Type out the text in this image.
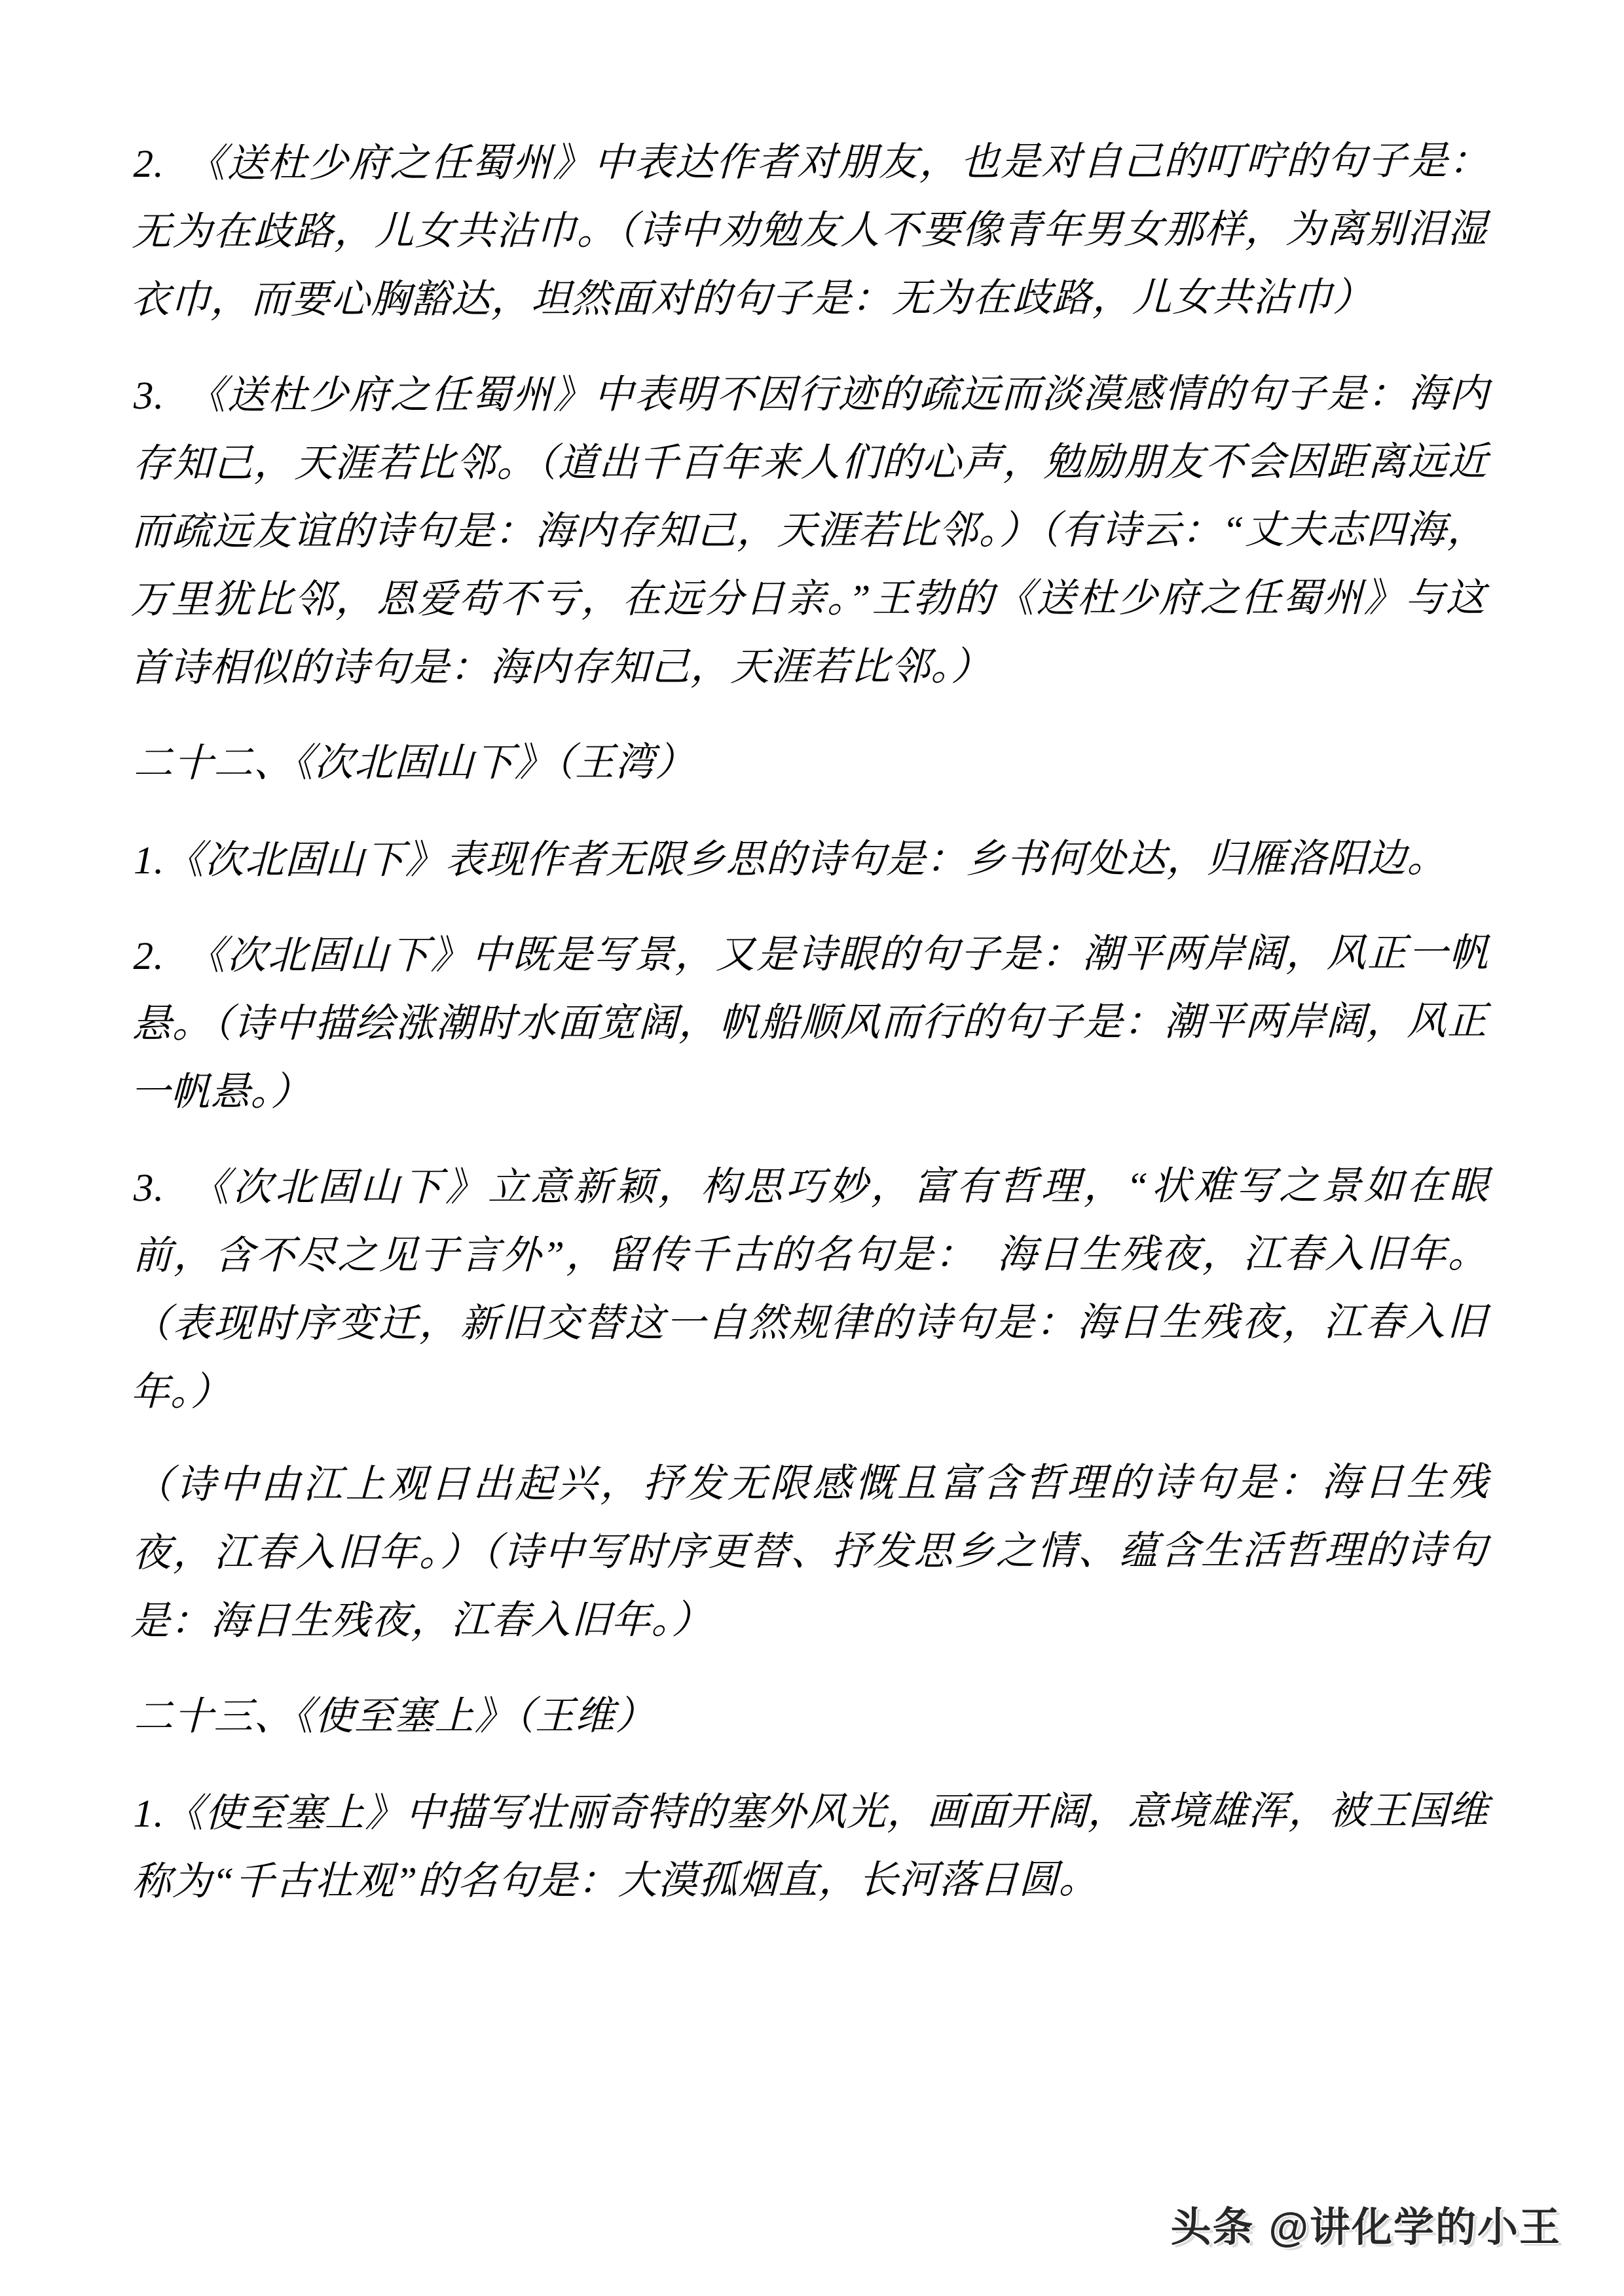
2.　《送杜少府之任蜀州》中表达作者对朋友，也是对自己的叮咛的句子是：无为在歧路，儿女共沾巾。（诗中劝勉友人不要像青年男女那样，为离别泪湿衣巾，而要心胸豁达，坦然面对的句子是：无为在歧路，儿女共沾巾）

3.　《送杜少府之任蜀州》中表明不因行迹的疏远而淡漠感情的句子是：海内存知己，天涯若比邻。（道出千百年来人们的心声，勉励朋友不会因距离远近而疏远友谊的诗句是：海内存知己，天涯若比邻。）（有诗云：“丈夫志四海，万里犹比邻，恩爱苟不亏，在远分日亲。”王勃的《送杜少府之任蜀州》与这首诗相似的诗句是：海内存知己，天涯若比邻。）

二十二、《次北固山下》（王湾）

1.《次北固山下》表现作者无限乡思的诗句是：乡书何处达，归雁洛阳边。

2.　《次北固山下》中既是写景，又是诗眼的句子是：潮平两岸阔，风正一帆悬。（诗中描绘涨潮时水面宽阔，帆船顺风而行的句子是：潮平两岸阔，风正一帆悬。）

3.　《次北固山下》立意新颖，构思巧妙，富有哲理，“状难写之景如在眼前，含不尽之见于言外”，留传千古的名句是：　海日生残夜，江春入旧年。（表现时序变迁，新旧交替这一自然规律的诗句是：海日生残夜，江春入旧年。）

（诗中由江上观日出起兴，抒发无限感慨且富含哲理的诗句是：海日生残夜，江春入旧年。）（诗中写时序更替、抒发思乡之情、蕴含生活哲理的诗句是：海日生残夜，江春入旧年。）

二十三、《使至塞上》（王维）

1.《使至塞上》中描写壮丽奇特的塞外风光，画面开阔，意境雄浑，被王国维称为“千古壮观”的名句是：大漠孤烟直，长河落日圆。

头条 @讲化学的小王
